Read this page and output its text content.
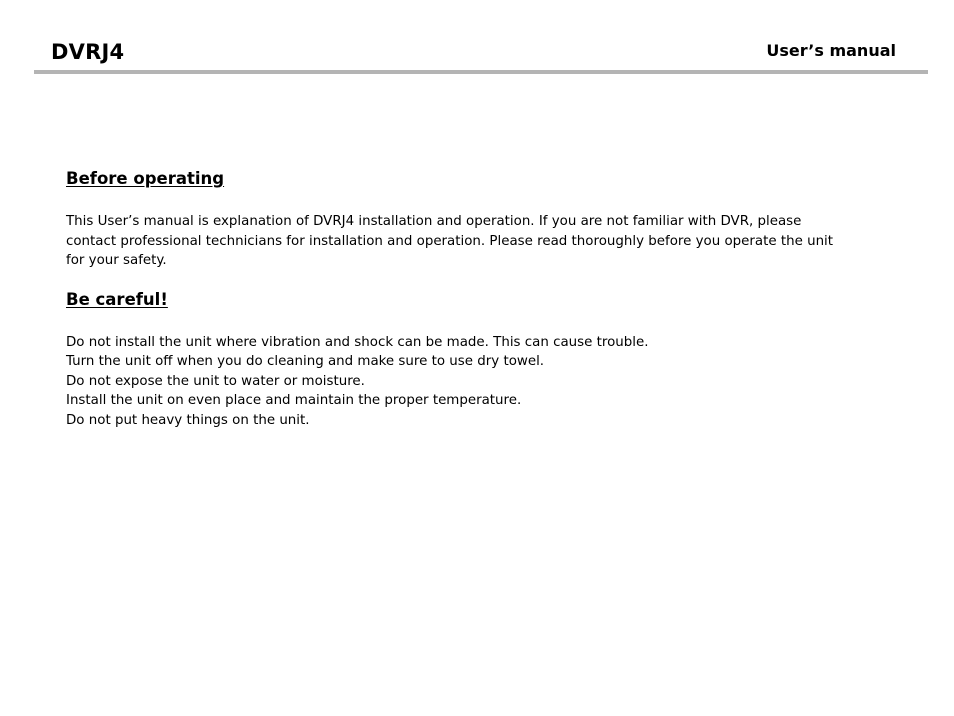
DVRJ4	User’s manual
Before operating

This User’s manual is explanation of DVRJ4 installation and operation. If you are not familiar with DVR, please
contact professional technicians for installation and operation. Please read thoroughly before you operate the unit
for your safety.

Be careful!

Do not install the unit where vibration and shock can be made. This can cause trouble.
Turn the unit off when you do cleaning and make sure to use dry towel.
Do not expose the unit to water or moisture.
Install the unit on even place and maintain the proper temperature.
Do not put heavy things on the unit.
